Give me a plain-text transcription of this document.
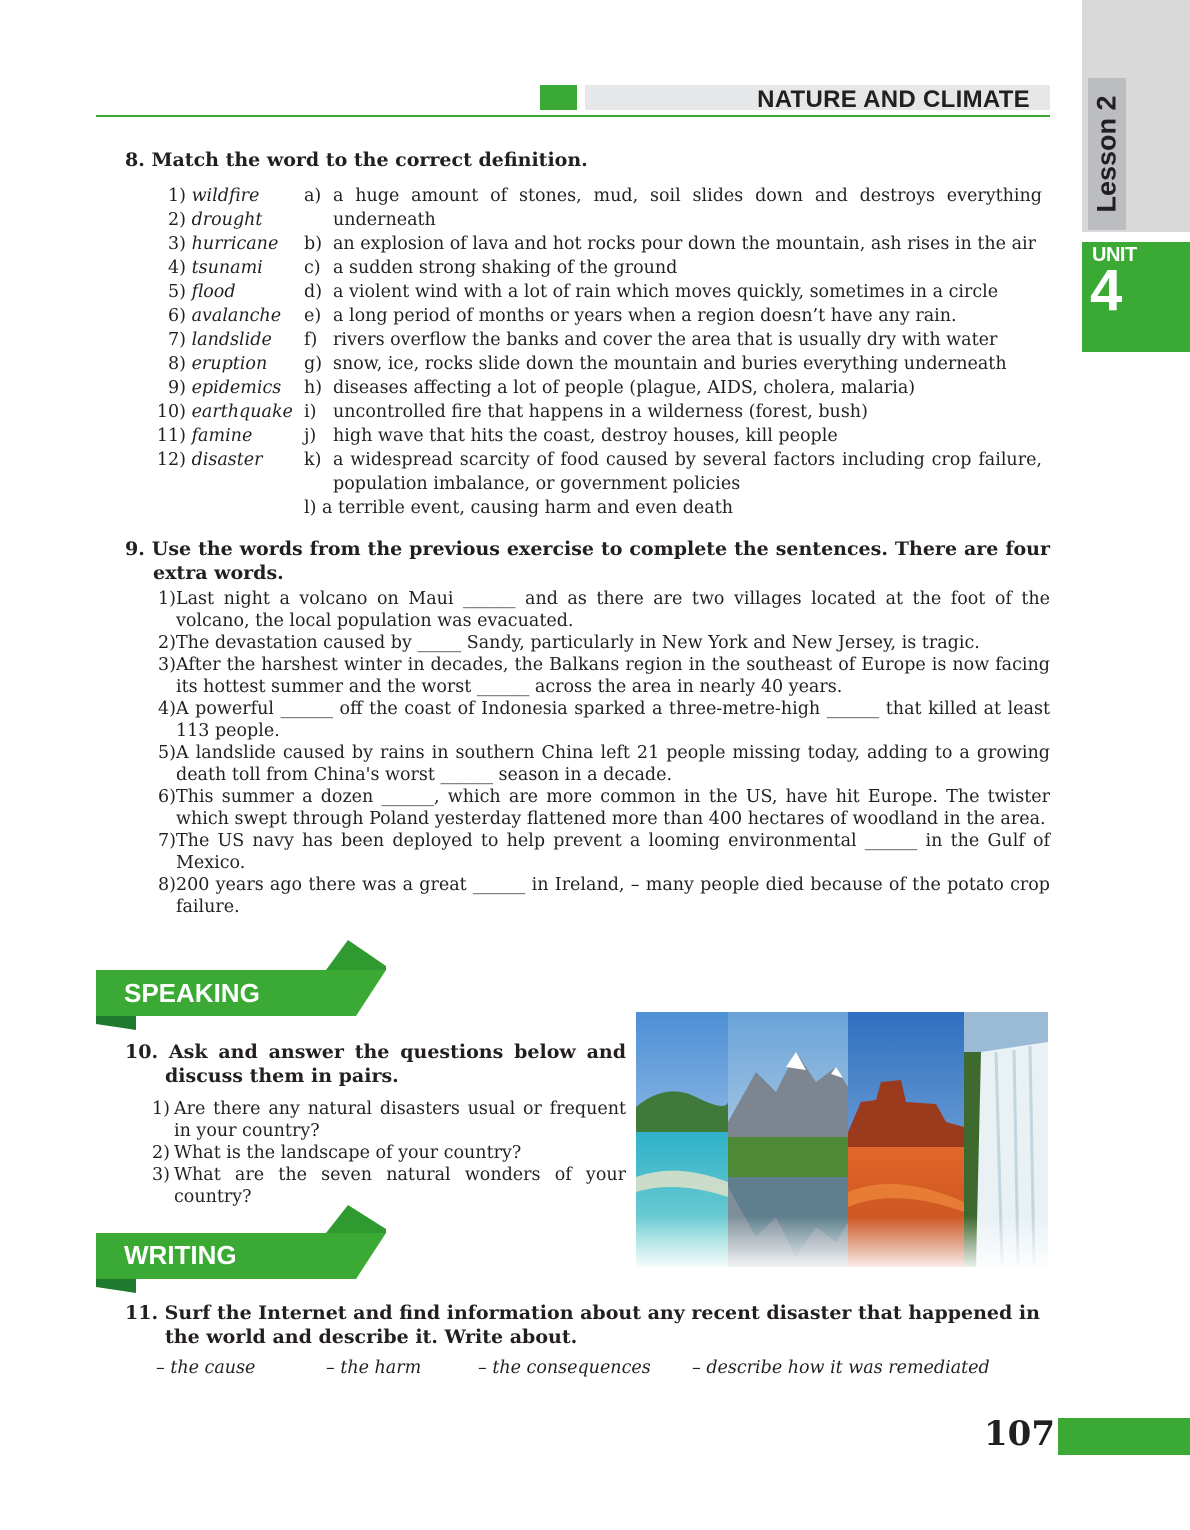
NATURE AND CLIMATE Lesson 2
UNIT
4
8. Match the word to the correct definition.
1) wildfire
2) drought
3) hurricane
4) tsunami
5) flood
6) avalanche
7) landslide
8) eruption
9) epidemics
10) earthquake
11) famine
12) disaster
a) a huge amount of stones, mud, soil slides down and destroys everything underneath
b) an explosion of lava and hot rocks pour down the mountain, ash rises in the air
c) a sudden strong shaking of the ground
d) a violent wind with a lot of rain which moves quickly, sometimes in a circle
e) a long period of months or years when a region doesn’t have any rain.
f) rivers overflow the banks and cover the area that is usually dry with water
g) snow, ice, rocks slide down the mountain and buries everything underneath
h) diseases affecting a lot of people (plague, AIDS, cholera, malaria)
i) uncontrolled fire that happens in a wilderness (forest, bush)
j) high wave that hits the coast, destroy houses, kill people
k) a widespread scarcity of food caused by several factors including crop failure, population imbalance, or government policies
l) a terrible event, causing harm and even death
9. Use the words from the previous exercise to complete the sentences. There are four extra words.
1) Last night a volcano on Maui ______ and as there are two villages located at the foot of the volcano, the local population was evacuated.
2) The devastation caused by _____ Sandy, particularly in New York and New Jersey, is tragic.
3) After the harshest winter in decades, the Balkans region in the southeast of Europe is now facing its hottest summer and the worst ______ across the area in nearly 40 years.
4) A powerful ______ off the coast of Indonesia sparked a three-metre-high ______ that killed at least 113 people.
5) A landslide caused by rains in southern China left 21 people missing today, adding to a growing death toll from China's worst ______ season in a decade.
6) This summer a dozen ______, which are more common in the US, have hit Europe. The twister which swept through Poland yesterday flattened more than 400 hectares of woodland in the area.
7) The US navy has been deployed to help prevent a looming environmental ______ in the Gulf of Mexico.
8) 200 years ago there was a great ______ in Ireland, – many people died because of the potato crop failure.
SPEAKING
10. Ask and answer the questions below and discuss them in pairs.
1) Are there any natural disasters usual or frequent in your country?
2) What is the landscape of your country?
3) What are the seven natural wonders of your country?
WRITING
11. Surf the Internet and find information about any recent disaster that happened in the world and describe it. Write about.
– the cause	– the harm	– the consequences – describe how it was remediated
107
